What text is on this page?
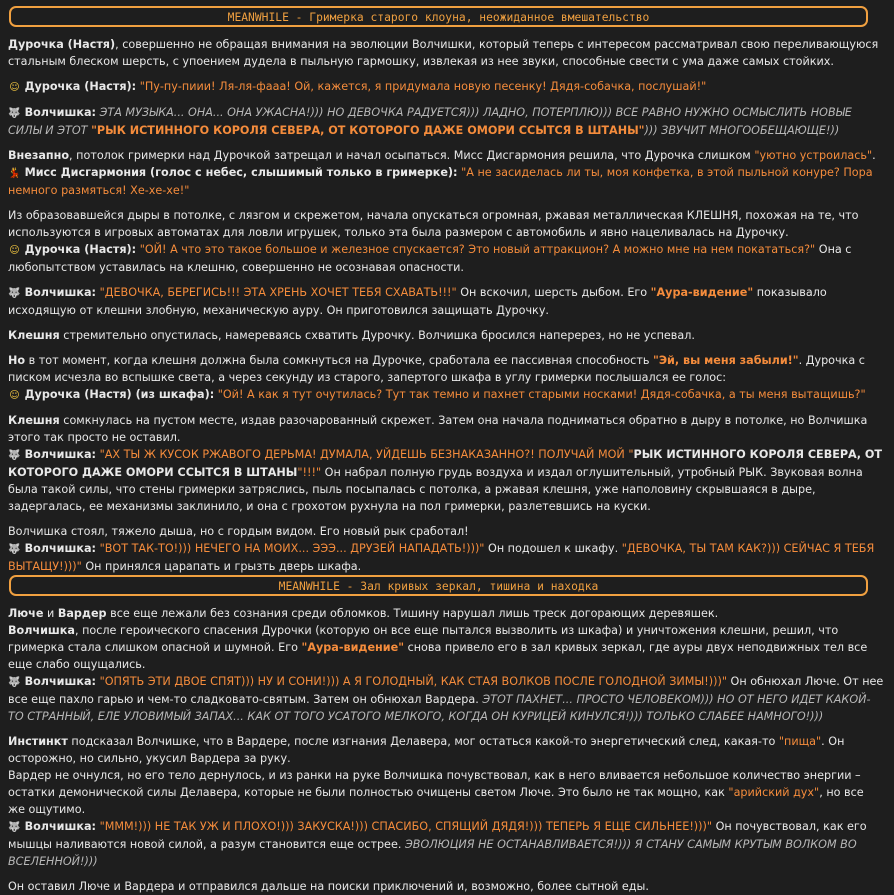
MEANWHILE - Гримерка старого клоуна, неожиданное вмешательство

Дурочка (Настя), совершенно не обращая внимания на эволюции Волчишки, который теперь с интересом рассматривал свою переливающуюся стальным блеском шерсть, с упоением дудела в пыльную гармошку, извлекая из нее звуки, способные свести с ума даже самых стойких.

☺ Дурочка (Настя): "Пу-пу-пиии! Ля-ля-фааа! Ой, кажется, я придумала новую песенку! Дядя-собачка, послушай!"

🐺 Волчишка: ЭТА МУЗЫКА... ОНА... ОНА УЖАСНА!))) НО ДЕВОЧКА РАДУЕТСЯ))) ЛАДНО, ПОТЕРПЛЮ))) ВСЕ РАВНО НУЖНО ОСМЫСЛИТЬ НОВЫЕ СИЛЫ И ЭТОТ "РЫК ИСТИННОГО КОРОЛЯ СЕВЕРА, ОТ КОТОРОГО ДАЖЕ ОМОРИ ССЫТСЯ В ШТАНЫ"))) ЗВУЧИТ МНОГООБЕЩАЮЩЕ!))

Внезапно, потолок гримерки над Дурочкой затрещал и начал осыпаться. Мисс Дисгармония решила, что Дурочка слишком "уютно устроилась".
💃 Мисс Дисгармония (голос с небес, слышимый только в гримерке): "А не засиделась ли ты, моя конфетка, в этой пыльной конуре? Пора немного размяться! Хе-хе-хе!"

Из образовавшейся дыры в потолке, с лязгом и скрежетом, начала опускаться огромная, ржавая металлическая КЛЕШНЯ, похожая на те, что используются в игровых автоматах для ловли игрушек, только эта была размером с автомобиль и явно нацеливалась на Дурочку.
☺ Дурочка (Настя): "ОЙ! А что это такое большое и железное спускается? Это новый аттракцион? А можно мне на нем покататься?" Она с любопытством уставилась на клешню, совершенно не осознавая опасности.

🐺 Волчишка: "ДЕВОЧКА, БЕРЕГИСЬ!!! ЭТА ХРЕНЬ ХОЧЕТ ТЕБЯ СХАВАТЬ!!!" Он вскочил, шерсть дыбом. Его "Аура-видение" показывало исходящую от клешни злобную, механическую ауру. Он приготовился защищать Дурочку.

Клешня стремительно опустилась, намереваясь схватить Дурочку. Волчишка бросился наперерез, но не успевал.

Но в тот момент, когда клешня должна была сомкнуться на Дурочке, сработала ее пассивная способность "Эй, вы меня забыли!". Дурочка с писком исчезла во вспышке света, а через секунду из старого, запертого шкафа в углу гримерки послышался ее голос:
☺ Дурочка (Настя) (из шкафа): "Ой! А как я тут очутилась? Тут так темно и пахнет старыми носками! Дядя-собачка, а ты меня вытащишь?"

Клешня сомкнулась на пустом месте, издав разочарованный скрежет. Затем она начала подниматься обратно в дыру в потолке, но Волчишка этого так просто не оставил.
🐺 Волчишка: "АХ ТЫ Ж КУСОК РЖАВОГО ДЕРЬМА! ДУМАЛА, УЙДЕШЬ БЕЗНАКАЗАННО?! ПОЛУЧАЙ МОЙ "РЫК ИСТИННОГО КОРОЛЯ СЕВЕРА, ОТ КОТОРОГО ДАЖЕ ОМОРИ ССЫТСЯ В ШТАНЫ"!!!" Он набрал полную грудь воздуха и издал оглушительный, утробный РЫК. Звуковая волна была такой силы, что стены гримерки затряслись, пыль посыпалась с потолка, а ржавая клешня, уже наполовину скрывшаяся в дыре, задергалась, ее механизмы заклинило, и она с грохотом рухнула на пол гримерки, разлетевшись на куски.

Волчишка стоял, тяжело дыша, но с гордым видом. Его новый рык сработал!
🐺 Волчишка: "ВОТ ТАК-ТО!))) НЕЧЕГО НА МОИХ... ЭЭЭ... ДРУЗЕЙ НАПАДАТЬ!)))" Он подошел к шкафу. "ДЕВОЧКА, ТЫ ТАМ КАК?))) СЕЙЧАС Я ТЕБЯ ВЫТАЩУ!)))" Он принялся царапать и грызть дверь шкафа.
MEANWHILE - Зал кривых зеркал, тишина и находка

Люче и Вардер все еще лежали без сознания среди обломков. Тишину нарушал лишь треск догорающих деревяшек.
Волчишка, после героического спасения Дурочки (которую он все еще пытался вызволить из шкафа) и уничтожения клешни, решил, что гримерка стала слишком опасной и шумной. Его "Аура-видение" снова привело его в зал кривых зеркал, где ауры двух неподвижных тел все еще слабо ощущались.
🐺 Волчишка: "ОПЯТЬ ЭТИ ДВОЕ СПЯТ))) НУ И СОНИ!))) А Я ГОЛОДНЫЙ, КАК СТАЯ ВОЛКОВ ПОСЛЕ ГОЛОДНОЙ ЗИМЫ!)))" Он обнюхал Люче. От нее все еще пахло гарью и чем-то сладковато-святым. Затем он обнюхал Вардера. ЭТОТ ПАХНЕТ... ПРОСТО ЧЕЛОВЕКОМ))) НО ОТ НЕГО ИДЕТ КАКОЙ-ТО СТРАННЫЙ, ЕЛЕ УЛОВИМЫЙ ЗАПАХ... КАК ОТ ТОГО УСАТОГО МЕЛКОГО, КОГДА ОН КУРИЦЕЙ КИНУЛСЯ!))) ТОЛЬКО СЛАБЕЕ НАМНОГО!)))

Инстинкт подсказал Волчишке, что в Вардере, после изгнания Делавера, мог остаться какой-то энергетический след, какая-то "пища". Он осторожно, но сильно, укусил Вардера за руку.
Вардер не очнулся, но его тело дернулось, и из ранки на руке Волчишка почувствовал, как в него вливается небольшое количество энергии – остатки демонической силы Делавера, которые не были полностью очищены светом Люче. Это было не так мощно, как "арийский дух", но все же ощутимо.
🐺 Волчишка: "МММ!))) НЕ ТАК УЖ И ПЛОХО!))) ЗАКУСКА!))) СПАСИБО, СПЯЩИЙ ДЯДЯ!))) ТЕПЕРЬ Я ЕЩЕ СИЛЬНЕЕ!)))" Он почувствовал, как его мышцы наливаются новой силой, а разум становится еще острее. ЭВОЛЮЦИЯ НЕ ОСТАНАВЛИВАЕТСЯ!))) Я СТАНУ САМЫМ КРУТЫМ ВОЛКОМ ВО ВСЕЛЕННОЙ!)))

Он оставил Люче и Вардера и отправился дальше на поиски приключений и, возможно, более сытной еды.
